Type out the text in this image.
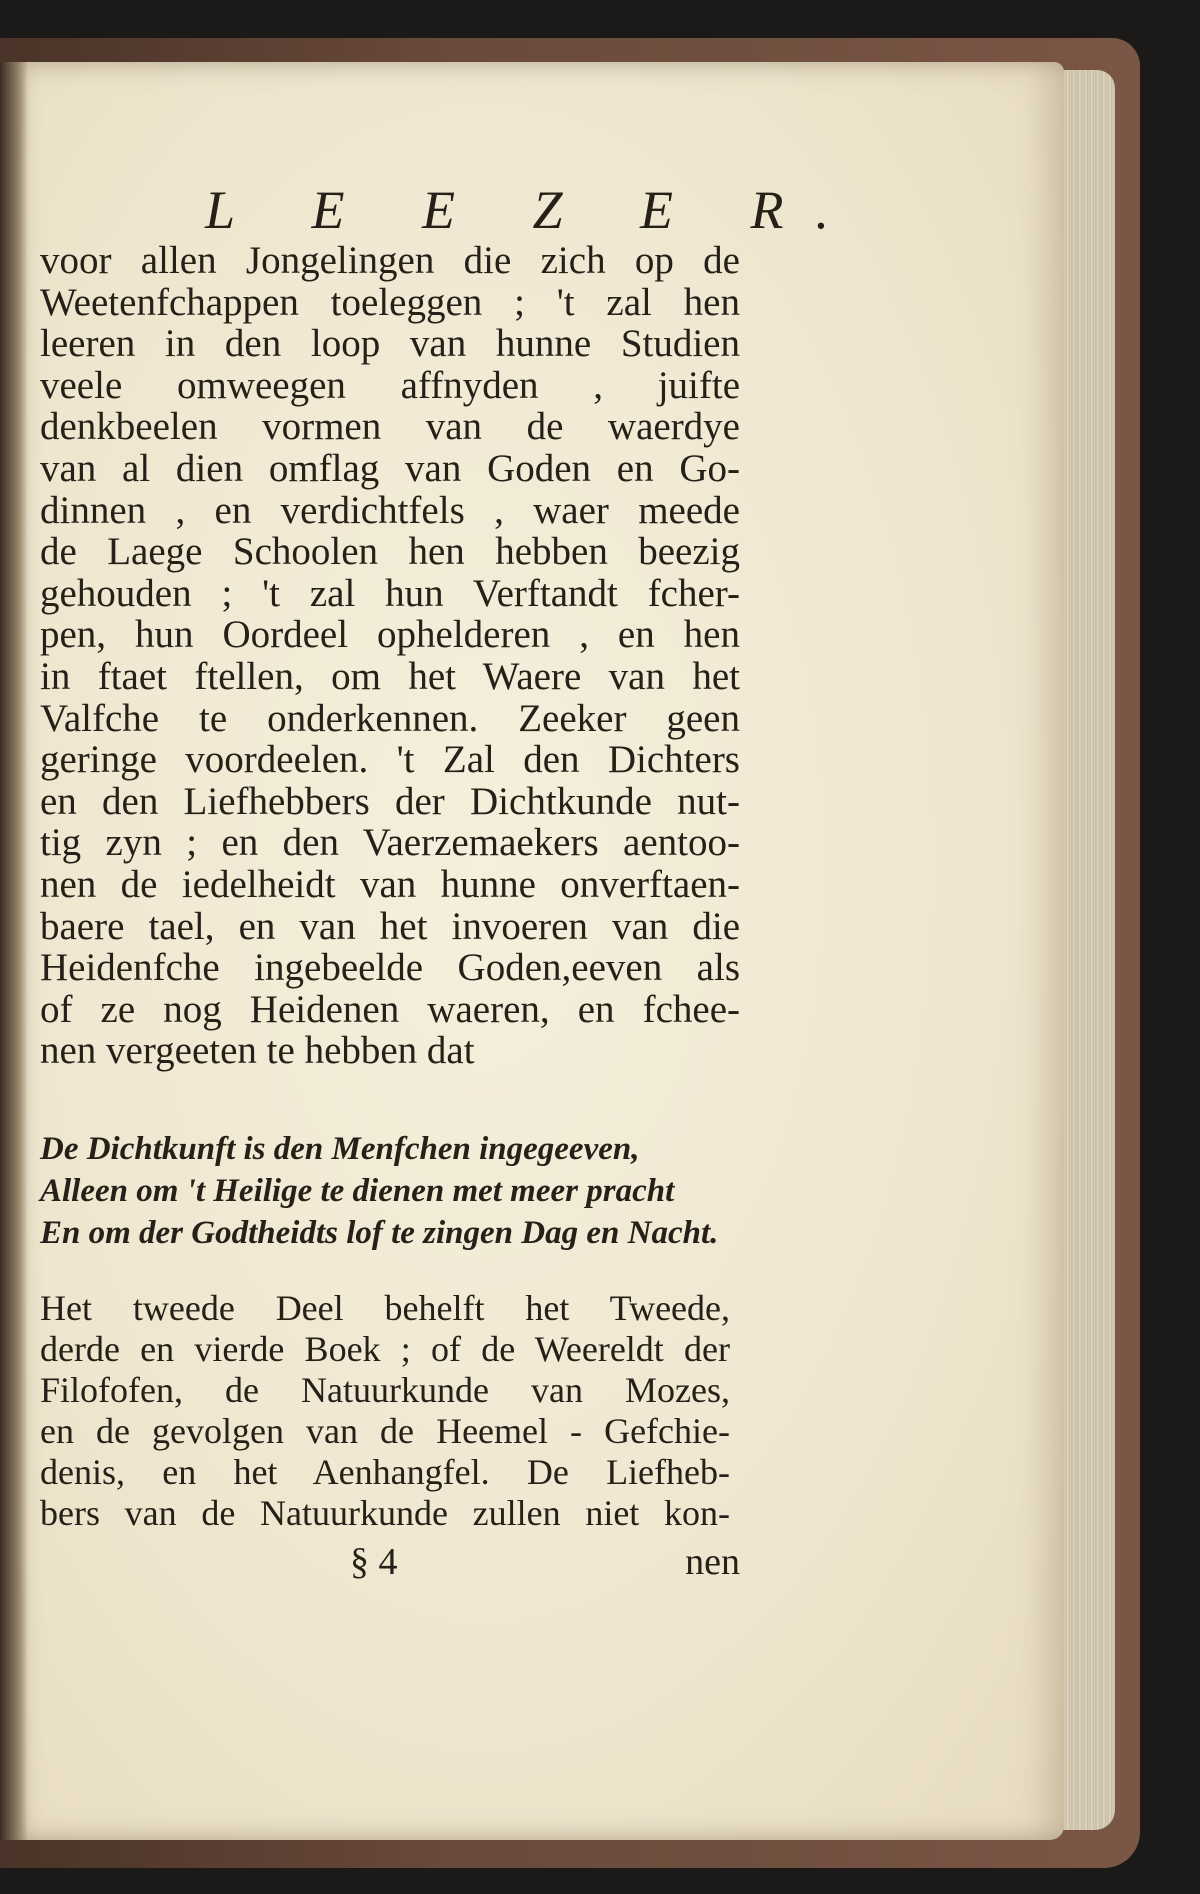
L E E Z E R.

voor allen Jongelingen die zich op de

Weetenfchappen toeleggen ; 't zal hen

leeren in den loop van hunne Studien

veele omweegen affnyden , juifte

denkbeelen vormen van de waerdye

van al dien omflag van Goden en Go-

dinnen , en verdichtfels , waer meede

de Laege Schoolen hen hebben beezig

gehouden ; 't zal hun Verftandt fcher-

pen, hun Oordeel ophelderen , en hen

in ftaet ftellen, om het Waere van het

Valfche te onderkennen. Zeeker geen

geringe voordeelen. 't Zal den Dichters

en den Liefhebbers der Dichtkunde nut-

tig zyn ; en den Vaerzemaekers aentoo-

nen de iedelheidt van hunne onverftaen-

baere tael, en van het invoeren van die

Heidenfche ingebeelde Goden,eeven als

of ze nog Heidenen waeren, en fchee-

nen vergeeten te hebben dat

De Dichtkunft is den Menfchen ingegeeven,

Alleen om 't Heilige te dienen met meer pracht

En om der Godtheidts lof te zingen Dag en Nacht.

Het tweede Deel behelft het Tweede,

derde en vierde Boek ; of de Weereldt der

Filofofen, de Natuurkunde van Mozes,

en de gevolgen van de Heemel - Gefchie-

denis, en het Aenhangfel. De Liefheb-

bers van de Natuurkunde zullen niet kon-

§ 4	nen
